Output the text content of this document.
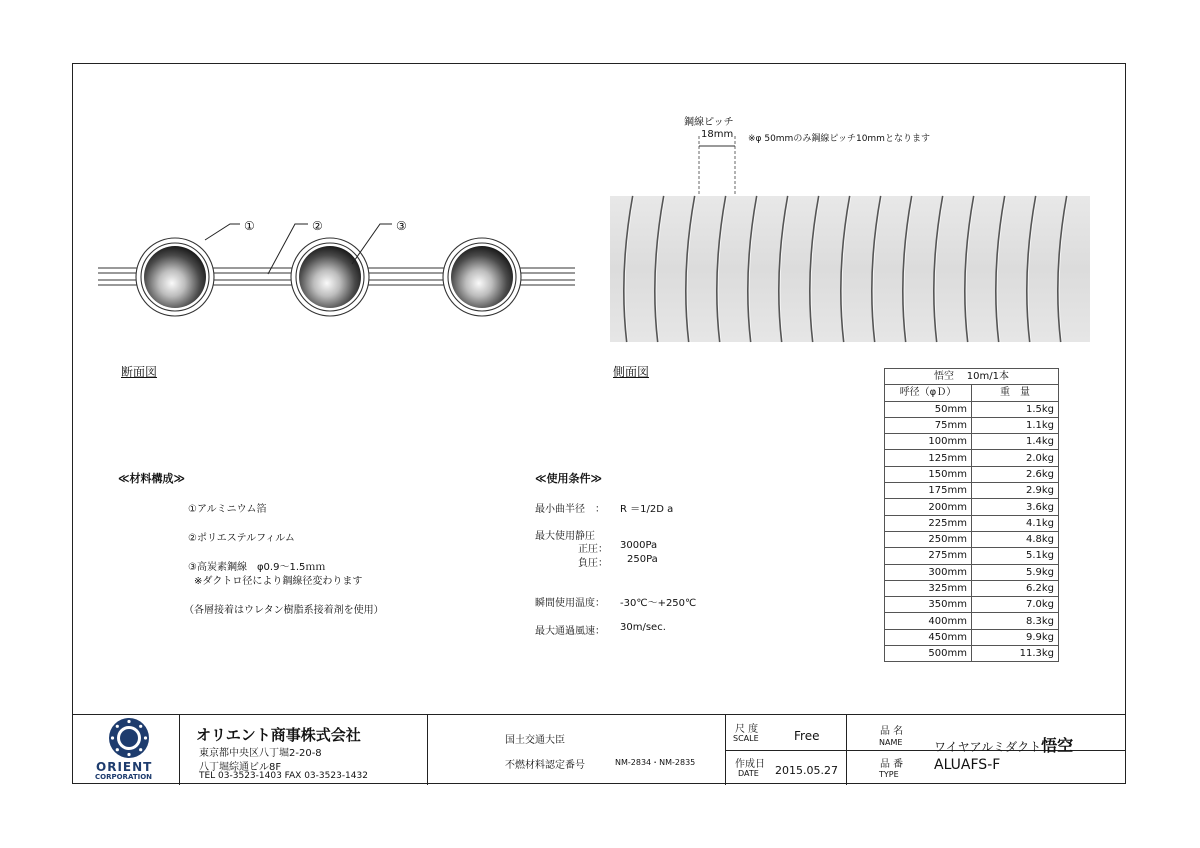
①	②	③
断面図
鋼線ピッチ
18mm ※φ 50mmのみ鋼線ピッチ10mmとなります
側面図
≪材料構成≫
①アルミニウム箔
②ポリエステルフィルム
③高炭素鋼線　φ0.9～1.5ｍｍ
※ダクトロ径により鋼線径変わります
（各層接着はウレタン樹脂系接着剤を使用）
≪使用条件≫
最小曲半径　： R ＝1/2D a
最大使用静圧
正圧： 3000Pa
負圧： 250Pa
瞬間使用温度： -30℃～+250℃
最大通過風速： 30m/sec.
悟空 10m/1本	
呼径（φＤ）	重　量
50mm	1.5kg
75mm	1.1kg
100mm	1.4kg
125mm	2.0kg
150mm	2.6kg
175mm	2.9kg
200mm	3.6kg
225mm	4.1kg
250mm	4.8kg
275mm	5.1kg
300mm	5.9kg
325mm	6.2kg
350mm	7.0kg
400mm	8.3kg
450mm	9.9kg
500mm	11.3kg
ORIENT
CORPORATION
オリエント商事株式会社
東京都中央区八丁堀2-20-8
八丁堀綜通ビル8F
TEL 03-3523-1403 FAX 03-3523-1432
国土交通大臣
不燃材料認定番号	NM-2834・NM-2835
尺 度
SCALE	Free
作成日
DATE 2015.05.27
品 名
NAME	ワイヤアルミダクト悟空
品 番
TYPE
ALUAFS-F
